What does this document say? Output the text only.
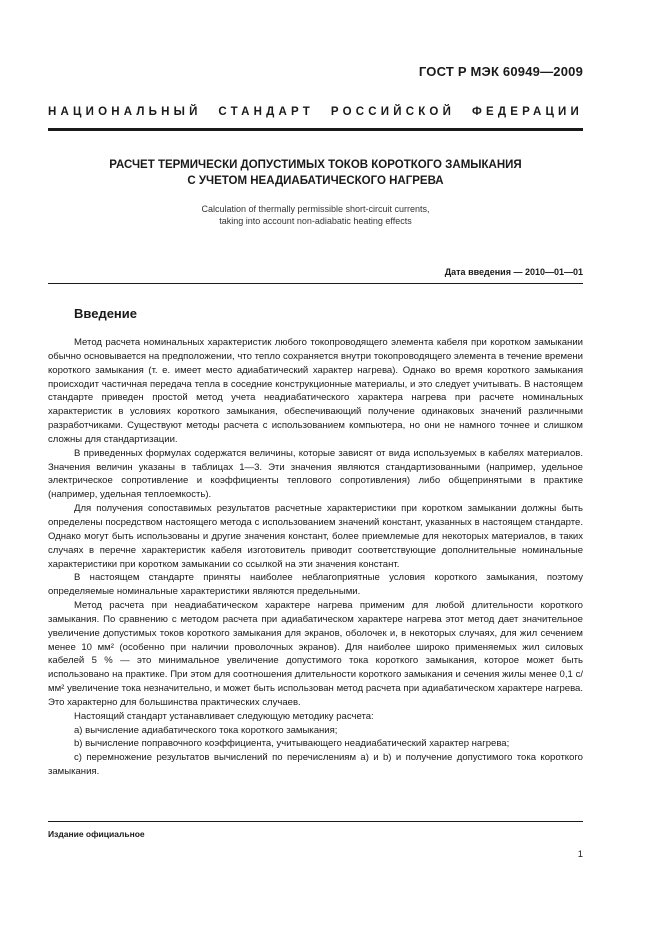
ГОСТ Р МЭК 60949—2009
НАЦИОНАЛЬНЫЙ СТАНДАРТ РОССИЙСКОЙ ФЕДЕРАЦИИ
РАСЧЕТ ТЕРМИЧЕСКИ ДОПУСТИМЫХ ТОКОВ КОРОТКОГО ЗАМЫКАНИЯ
С УЧЕТОМ НЕАДИАБАТИЧЕСКОГО НАГРЕВА
Calculation of thermally permissible short-circuit currents,
taking into account non-adiabatic heating effects
Дата введения — 2010—01—01
Введение

Метод расчета номинальных характеристик любого токопроводящего элемента кабеля при коротком замыкании обычно основывается на предположении, что тепло сохраняется внутри токопроводящего элемента в течение времени короткого замыкания (т. е. имеет место адиабатический характер нагрева). Однако во время короткого замыкания происходит частичная передача тепла в соседние конструкционные материалы, и это следует учитывать. В настоящем стандарте приведен простой метод учета неадиабатического характера нагрева при расчете номинальных характеристик в условиях короткого замыкания, обеспечивающий получение одинаковых значений различными разработчиками. Существуют методы расчета с использованием компьютера, но они не намного точнее и слишком сложны для стандартизации.

В приведенных формулах содержатся величины, которые зависят от вида используемых в кабелях материалов. Значения величин указаны в таблицах 1—3. Эти значения являются стандартизованными (например, удельное электрическое сопротивление и коэффициенты теплового сопротивления) либо общепринятыми в практике (например, удельная теплоемкость).

Для получения сопоставимых результатов расчетные характеристики при коротком замыкании должны быть определены посредством настоящего метода с использованием значений констант, указанных в настоящем стандарте. Однако могут быть использованы и другие значения констант, более приемлемые для некоторых материалов, в таких случаях в перечне характеристик кабеля изготовитель приводит соответствующие дополнительные номинальные характеристики при коротком замыкании со ссылкой на эти значения констант.

В настоящем стандарте приняты наиболее неблагоприятные условия короткого замыкания, поэтому определяемые номинальные характеристики являются предельными.

Метод расчета при неадиабатическом характере нагрева применим для любой длительности короткого замыкания. По сравнению с методом расчета при адиабатическом характере нагрева этот метод дает значительное увеличение допустимых токов короткого замыкания для экранов, оболочек и, в некоторых случаях, для жил сечением менее 10 мм² (особенно при наличии проволочных экранов). Для наиболее широко применяемых жил силовых кабелей 5 % — это минимальное увеличение допустимого тока короткого замыкания, которое может быть использовано на практике. При этом для соотношения длительности короткого замыкания и сечения жилы менее 0,1 с/мм² увеличение тока незначительно, и может быть использован метод расчета при адиабатическом характере нагрева. Это характерно для большинства практических случаев.

Настоящий стандарт устанавливает следующую методику расчета:

a) вычисление адиабатического тока короткого замыкания;

b) вычисление поправочного коэффициента, учитывающего неадиабатический характер нагрева;

c) перемножение результатов вычислений по перечислениям a) и b) и получение допустимого тока короткого замыкания.

Издание официальное
1
